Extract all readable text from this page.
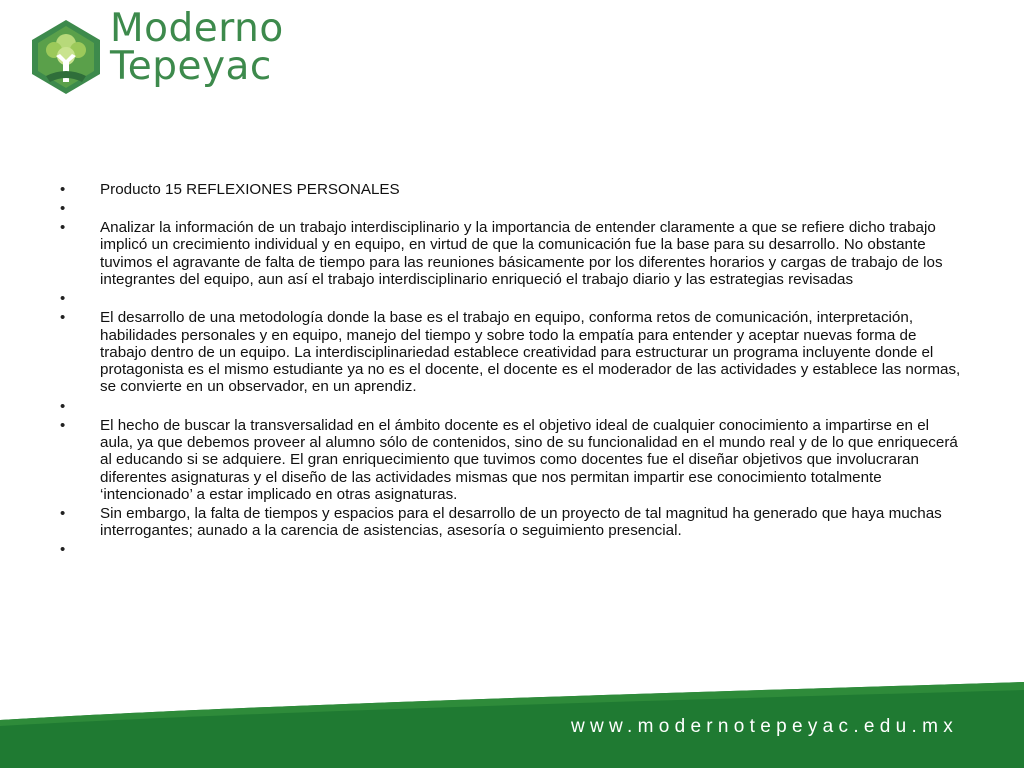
Moderno
Tepeyac
• Producto 15 REFLEXIONES PERSONALES
•
• Analizar la información de un trabajo interdisciplinario y la importancia de entender claramente a que se refiere dicho trabajo implicó un crecimiento individual y en equipo, en virtud de que la comunicación fue la base para su desarrollo. No obstante tuvimos el agravante de falta de tiempo para las reuniones básicamente por los diferentes horarios y cargas de trabajo de los integrantes del equipo, aun así el trabajo interdisciplinario enriqueció el trabajo diario y las estrategias revisadas
•
• El desarrollo de una metodología donde la base es el trabajo en equipo, conforma retos de comunicación, interpretación, habilidades personales y en equipo, manejo del tiempo y sobre todo la empatía para entender y aceptar nuevas forma de trabajo dentro de un equipo. La interdisciplinariedad establece creatividad para estructurar un programa incluyente donde el protagonista es el mismo estudiante ya no es el docente, el docente es el moderador de las actividades y establece las normas, se convierte en un observador, en un aprendiz.
•
• El hecho de buscar la transversalidad en el ámbito docente es el objetivo ideal de cualquier conocimiento a impartirse en el aula, ya que debemos proveer al alumno sólo de contenidos, sino de su funcionalidad en el mundo real y de lo que enriquecerá al educando si se adquiere. El gran enriquecimiento que tuvimos como docentes fue el diseñar objetivos que involucraran diferentes asignaturas y el diseño de las actividades mismas que nos permitan impartir ese conocimiento totalmente ‘intencionado’ a estar implicado en otras asignaturas.
• Sin embargo, la falta de tiempos y espacios para el desarrollo de un proyecto de tal magnitud ha generado que haya muchas interrogantes; aunado a la carencia de asistencias, asesoría o seguimiento presencial.
•
www.modernotepeyac.edu.mx
